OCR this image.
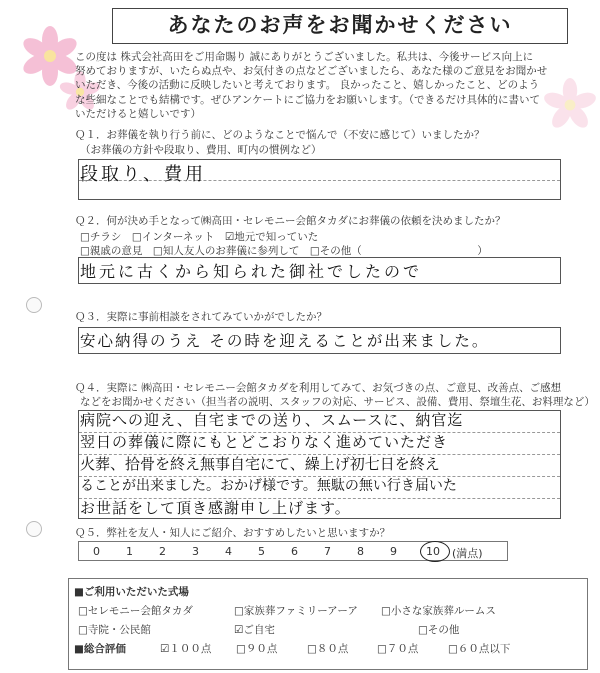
あなたのお声をお聞かせください
この度は 株式会社高田をご用命賜り 誠にありがとうございました。私共は、今後サービス向上に
努めておりますが、いたらぬ点や、お気付きの点などございましたら、あなた様のご意見をお聞かせ
いただき、今後の活動に反映したいと考えております。 良かったこと、嬉しかったこと、どのよう
な些細なことでも結構です。ぜひアンケートにご協力をお願いします。（できるだけ具体的に書いて
いただけると嬉しいです）
Ｑ１．お葬儀を執り行う前に、どのようなことで悩んで（不安に感じて）いましたか？
（お葬儀の方針や段取り、費用、町内の慣例など）
段取り、費用
Ｑ２．何が決め手となって㈱高田・セレモニー会館タカダにお葬儀の依頼を決めましたか？
□チラシ　□インターネット　☑地元で知っていた
□親戚の意見　□知人友人のお葬儀に参列して　□その他（　　　　　　　　　　　）
地元に古くから知られた御社でしたので
Ｑ３．実際に事前相談をされてみていかがでしたか？
安心納得のうえ その時を迎えることが出来ました。
Ｑ４．実際に ㈱高田・セレモニー会館タカダを利用してみて、お気づきの点、ご意見、改善点、ご感想
などをお聞かせください（担当者の説明、スタッフの対応、サービス、設備、費用、祭壇生花、お料理など）
病院への迎え、自宅までの送り、スムースに、納官迄
翌日の葬儀に際にもとどこおりなく進めていただき
火葬、拾骨を終え無事自宅にて、繰上げ初七日を終え
ることが出来ました。おかげ様です。無駄の無い行き届いた
お世話をして頂き感謝申し上げます。
Ｑ５．弊社を友人・知人にご紹介、おすすめしたいと思いますか？
0 1 2 3 4 5 6 7 8 9	10 (満点)
■ご利用いただいた式場
□セレモニー会館タカダ	□家族葬ファミリーアーア □小さな家族葬ルームス
□寺院・公民館	☑ご自宅	□その他
■総合評価	☑１００点 □９０点	□８０点	□７０点	□６０点以下
